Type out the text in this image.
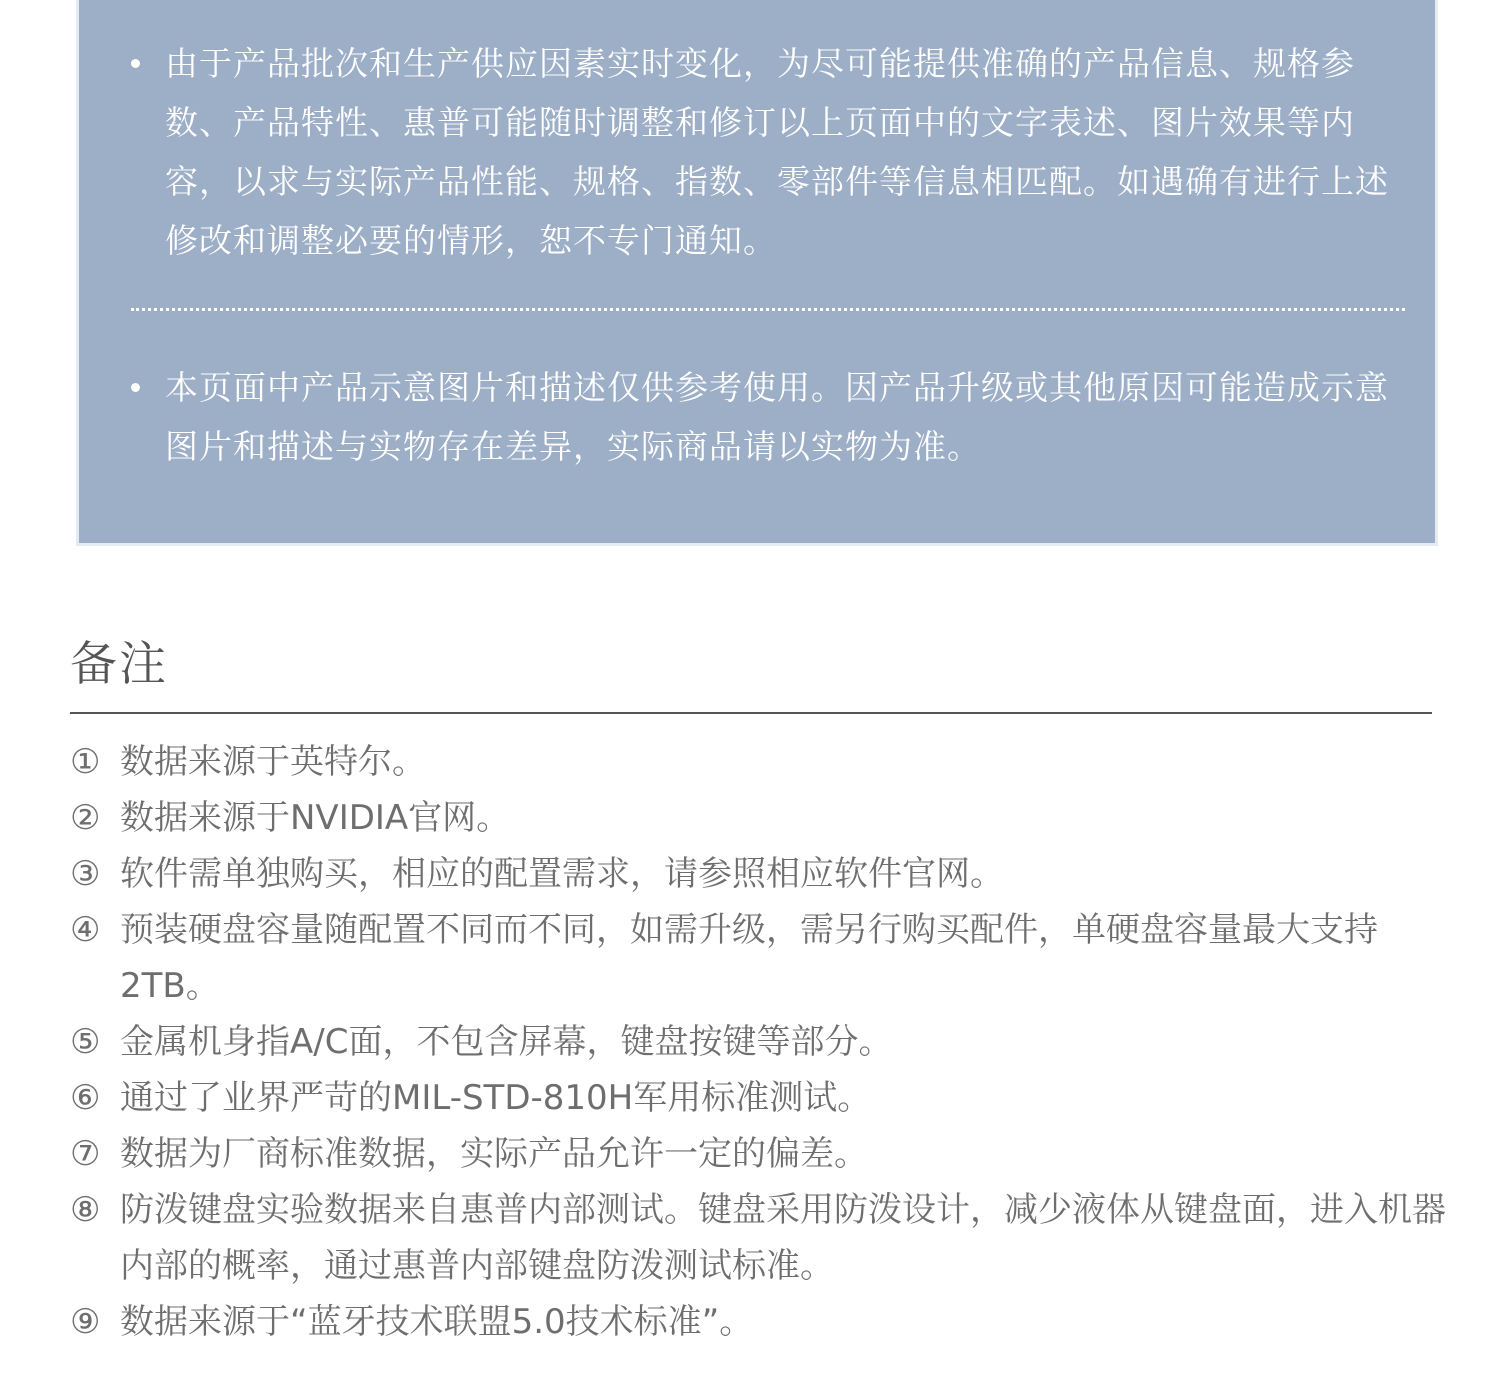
由于产品批次和生产供应因素实时变化，为尽可能提供准确的产品信息、规格参数、产品特性、惠普可能随时调整和修订以上页面中的文字表述、图片效果等内容，以求与实际产品性能、规格、指数、零部件等信息相匹配。如遇确有进行上述修改和调整必要的情形，恕不专门通知。
本页面中产品示意图片和描述仅供参考使用。因产品升级或其他原因可能造成示意图片和描述与实物存在差异，实际商品请以实物为准。
备注
① 数据来源于英特尔。
② 数据来源于NVIDIA官网。
③ 软件需单独购买，相应的配置需求，请参照相应软件官网。
④ 预装硬盘容量随配置不同而不同，如需升级，需另行购买配件，单硬盘容量最大支持2TB。
⑤ 金属机身指A/C面，不包含屏幕，键盘按键等部分。
⑥ 通过了业界严苛的MIL-STD-810H军用标准测试。
⑦ 数据为厂商标准数据，实际产品允许一定的偏差。
⑧ 防泼键盘实验数据来自惠普内部测试。键盘采用防泼设计，减少液体从键盘面，进入机器内部的概率，通过惠普内部键盘防泼测试标准。
⑨ 数据来源于“蓝牙技术联盟5.0技术标准”。
